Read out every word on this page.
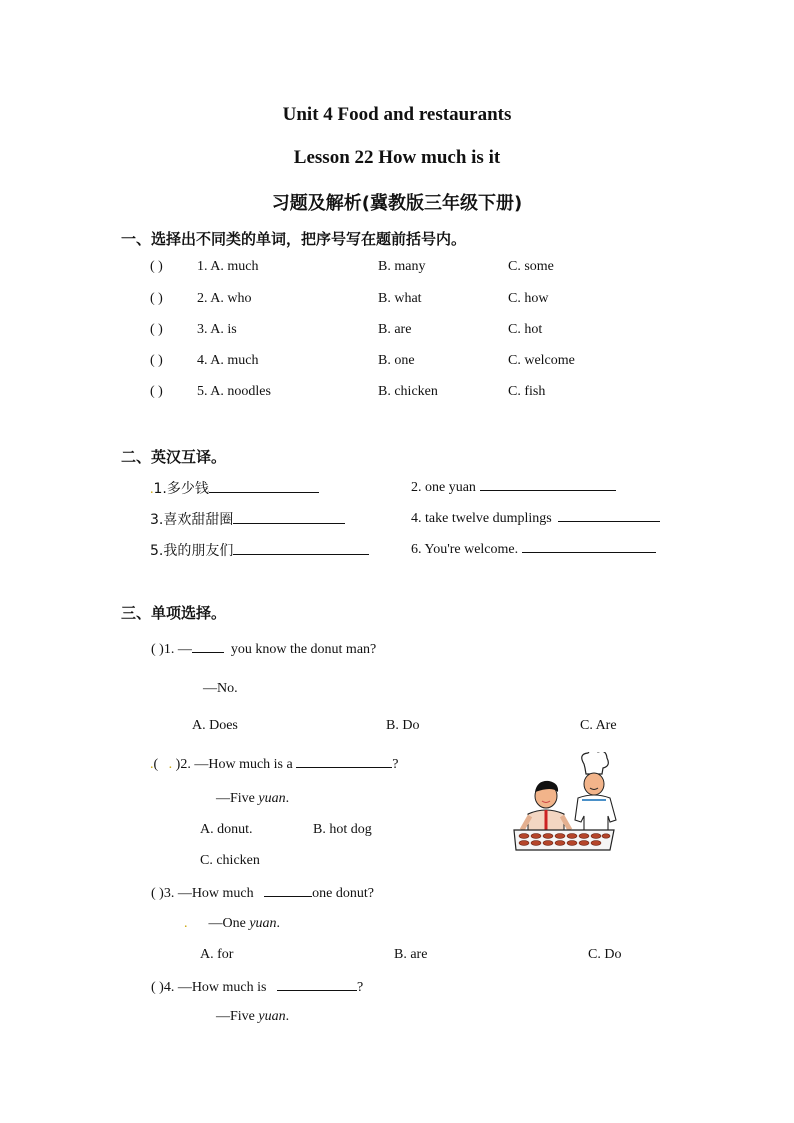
Unit 4 Food and restaurants
Lesson 22 How much is it
习题及解析(冀教版三年级下册)
一、选择出不同类的单词，把序号写在题前括号内。
( ) 1. A. much	B. many	C. some
( ) 2. A. who	B. what	C. how
( ) 3. A. is	B. are	C. hot
( ) 4. A. much	B. one	C. welcome
( ) 5. A. noodles	B. chicken	C. fish
二、英汉互译。
.1.多少钱	2. one yuan
3.喜欢甜甜圈	4. take twelve dumplings
5.我的朋友们	6. You're welcome.
三、单项选择。
( )1. —	you know the donut man?
—No.
A. Does	B. Do	C. Are
.(   . )2. —How much is a	?
—Five yuan.
A. donut.	B. hot dog
C. chicken
( )3. —How much	one donut?
. —One yuan.
A. for	B. are	C. Do
( )4. —How much is	?
—Five yuan.
